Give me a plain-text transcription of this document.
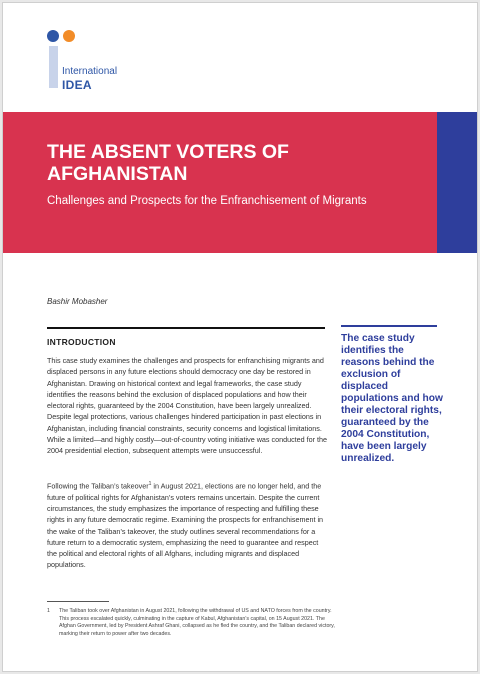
International
IDEA
THE ABSENT VOTERS OF AFGHANISTAN
Challenges and Prospects for the Enfranchisement of Migrants
Bashir Mobasher
INTRODUCTION

This case study examines the challenges and prospects for enfranchising migrants and displaced persons in any future elections should democracy one day be restored in Afghanistan. Drawing on historical context and legal frameworks, the case study identifies the reasons behind the exclusion of displaced populations and how their electoral rights, guaranteed by the 2004 Constitution, have been largely unrealized. Despite legal protections, various challenges hindered participation in past elections in Afghanistan, including financial constraints, security concerns and logistical limitations. While a limited—and highly costly—out-of-country voting initiative was conducted for the 2004 presidential election, subsequent attempts were unsuccessful.

Following the Taliban’s takeover$^1$ in August 2021, elections are no longer held, and the future of political rights for Afghanistan’s voters remains uncertain. Despite the current circumstances, the study emphasizes the importance of respecting and fulfilling these rights in any future democratic regime. Examining the prospects for enfranchisement in the wake of the Taliban’s takeover, the study outlines several recommendations for a future return to a democratic system, emphasizing the need to guarantee and respect the political and electoral rights of all Afghans, including migrants and displaced populations.

The case study identifies the reasons behind the exclusion of displaced populations and how their electoral rights, guaranteed by the 2004 Constitution, have been largely unrealized.

1	The Taliban took over Afghanistan in August 2021, following the withdrawal of US and NATO forces from the country. This process escalated quickly, culminating in the capture of Kabul, Afghanistan’s capital, on 15 August 2021. The Afghan Government, led by President Ashraf Ghani, collapsed as he fled the country, and the Taliban declared victory, marking their return to power after two decades.
